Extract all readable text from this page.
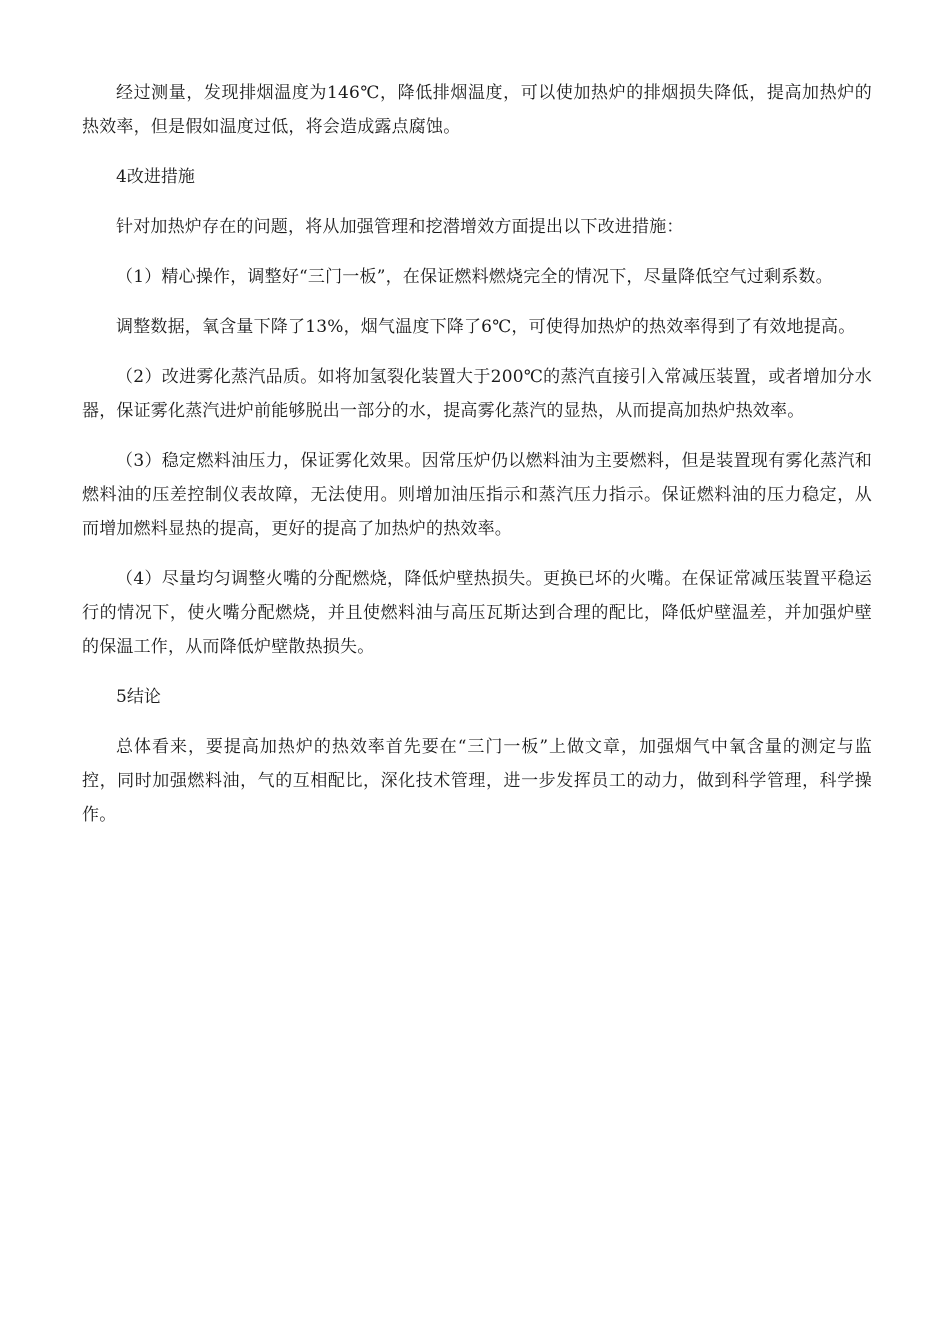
经过测量，发现排烟温度为146℃，降低排烟温度，可以使加热炉的排烟损失降低，提高加热炉的热效率，但是假如温度过低，将会造成露点腐蚀。

4改进措施

针对加热炉存在的问题，将从加强管理和挖潜增效方面提出以下改进措施：

（1）精心操作，调整好“三门一板”，在保证燃料燃烧完全的情况下，尽量降低空气过剩系数。

调整数据，氧含量下降了13%，烟气温度下降了6℃，可使得加热炉的热效率得到了有效地提高。

（2）改进雾化蒸汽品质。如将加氢裂化装置大于200℃的蒸汽直接引入常减压装置，或者增加分水器，保证雾化蒸汽进炉前能够脱出一部分的水，提高雾化蒸汽的显热，从而提高加热炉热效率。

（3）稳定燃料油压力，保证雾化效果。因常压炉仍以燃料油为主要燃料，但是装置现有雾化蒸汽和燃料油的压差控制仪表故障，无法使用。则增加油压指示和蒸汽压力指示。保证燃料油的压力稳定，从而增加燃料显热的提高，更好的提高了加热炉的热效率。

（4）尽量均匀调整火嘴的分配燃烧，降低炉壁热损失。更换已坏的火嘴。在保证常减压装置平稳运行的情况下，使火嘴分配燃烧，并且使燃料油与高压瓦斯达到合理的配比，降低炉壁温差，并加强炉壁的保温工作，从而降低炉壁散热损失。

5结论

总体看来，要提高加热炉的热效率首先要在“三门一板”上做文章，加强烟气中氧含量的测定与监控，同时加强燃料油，气的互相配比，深化技术管理，进一步发挥员工的动力，做到科学管理，科学操作。
